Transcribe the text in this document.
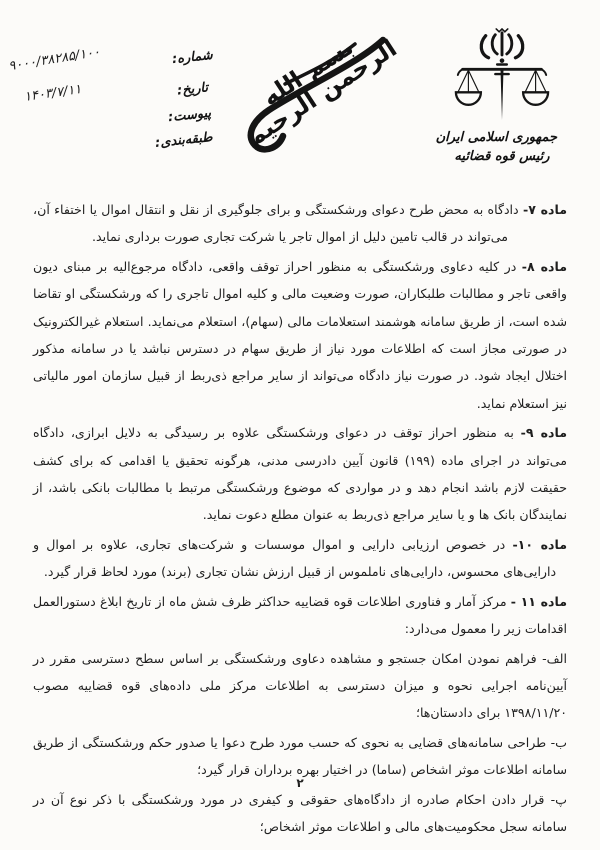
شماره:
تاریخ:
پیوست:
طبقه‌بندی:
۹۰۰۰/۳۸۲۸۵/۱۰۰
۱۴۰۳/۷/۱۱	بسم الله الرحمن الرحیم	جمهوری اسلامی ایران
رئیس قوه قضائیه

ماده ۷- دادگاه به محض طرح دعوای ورشکستگی و برای جلوگیری از نقل و انتقال اموال یا اختفاء آن، می‌تواند در قالب تامین دلیل از اموال تاجر یا شرکت تجاری صورت برداری نماید.

ماده ۸- در کلیه دعاوی ورشکستگی به منظور احراز توقف واقعی، دادگاه مرجوع‌الیه بر مبنای دیون واقعی تاجر و مطالبات طلبکاران، صورت وضعیت مالی و کلیه اموال تاجری را که ورشکستگی او تقاضا شده است، از طریق سامانه هوشمند استعلامات مالی (سهام)، استعلام می‌نماید. استعلام غیرالکترونیک در صورتی مجاز است که اطلاعات مورد نیاز از طریق سهام در دسترس نباشد یا در سامانه مذکور اختلال ایجاد شود. در صورت نیاز دادگاه می‌تواند از سایر مراجع ذی‌ربط از قبیل سازمان امور مالیاتی نیز استعلام نماید.

ماده ۹- به منظور احراز توقف در دعوای ورشکستگی علاوه بر رسیدگی به دلایل ابرازی، دادگاه می‌تواند در اجرای ماده (۱۹۹) قانون آیین دادرسی مدنی، هرگونه تحقیق یا اقدامی که برای کشف حقیقت لازم باشد انجام دهد و در مواردی که موضوع ورشکستگی مرتبط با مطالبات بانکی باشد، از نمایندگان بانک ها و یا سایر مراجع ذی‌ربط به عنوان مطلع دعوت نماید.

ماده ۱۰- در خصوص ارزیابی دارایی و اموال موسسات و شرکت‌های تجاری، علاوه بر اموال و دارایی‌های محسوس، دارایی‌های ناملموس از قبیل ارزش نشان تجاری (برند) مورد لحاظ قرار گیرد.

ماده ۱۱ - مرکز آمار و فناوری اطلاعات قوه قضاییه حداکثر ظرف شش ماه از تاریخ ابلاغ دستورالعمل اقدامات زیر را معمول می‌دارد:

الف- فراهم نمودن امکان جستجو و مشاهده دعاوی ورشکستگی بر اساس سطح دسترسی مقرر در آیین‌نامه اجرایی نحوه و میزان دسترسی به اطلاعات مرکز ملی داده‌های قوه قضاییه مصوب ۱۳۹۸/۱۱/۲۰ برای دادستان‌ها؛

ب- طراحی سامانه‌های قضایی به نحوی که حسب مورد طرح دعوا یا صدور حکم ورشکستگی از طریق سامانه اطلاعات موثر اشخاص (ساما) در اختیار بهره برداران قرار گیرد؛

پ- قرار دادن احکام صادره از دادگاه‌های حقوقی و کیفری در مورد ورشکستگی با ذکر نوع آن در سامانه سجل محکومیت‌های مالی و اطلاعات موثر اشخاص؛

۲
